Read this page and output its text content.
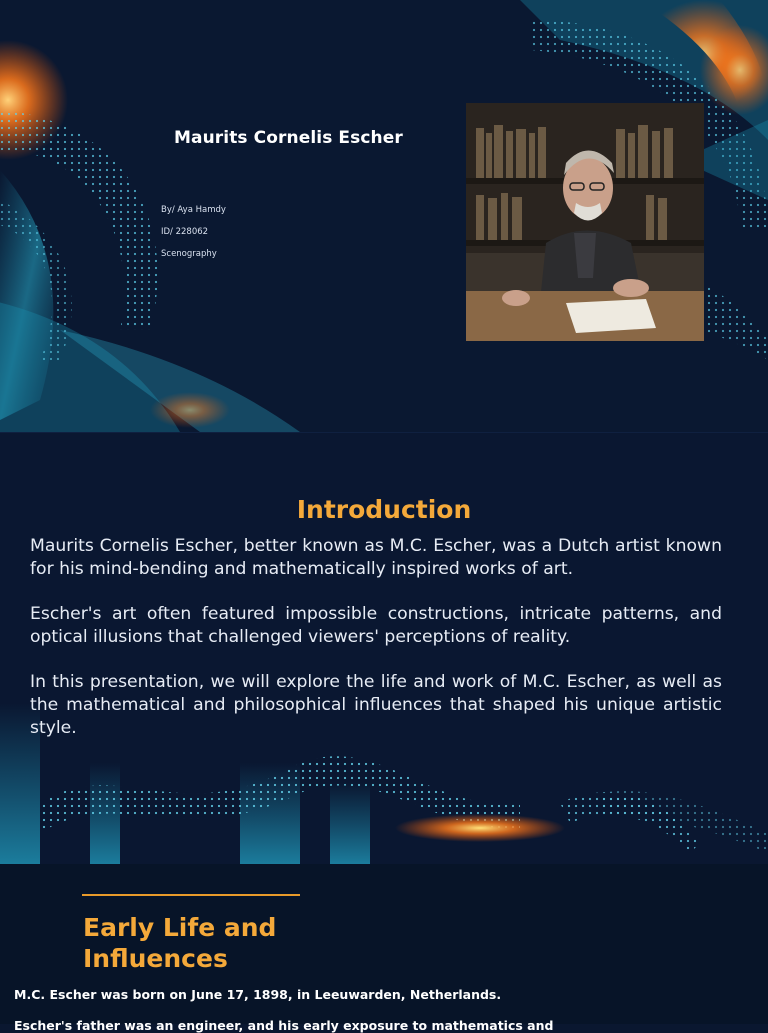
Maurits Cornelis Escher
By/ Aya Hamdy
ID/ 228062
Scenography
Introduction

Maurits Cornelis Escher, better known as M.C. Escher, was a Dutch artist known for his mind-bending and mathematically inspired works of art.

Escher's art often featured impossible constructions, intricate patterns, and optical illusions that challenged viewers' perceptions of reality.

In this presentation, we will explore the life and work of M.C. Escher, as well as the mathematical and philosophical influences that shaped his unique artistic style.

Early Life and
Influences
M.C. Escher was born on June 17, 1898, in Leeuwarden, Netherlands.
Escher's father was an engineer, and his early exposure to mathematics and
